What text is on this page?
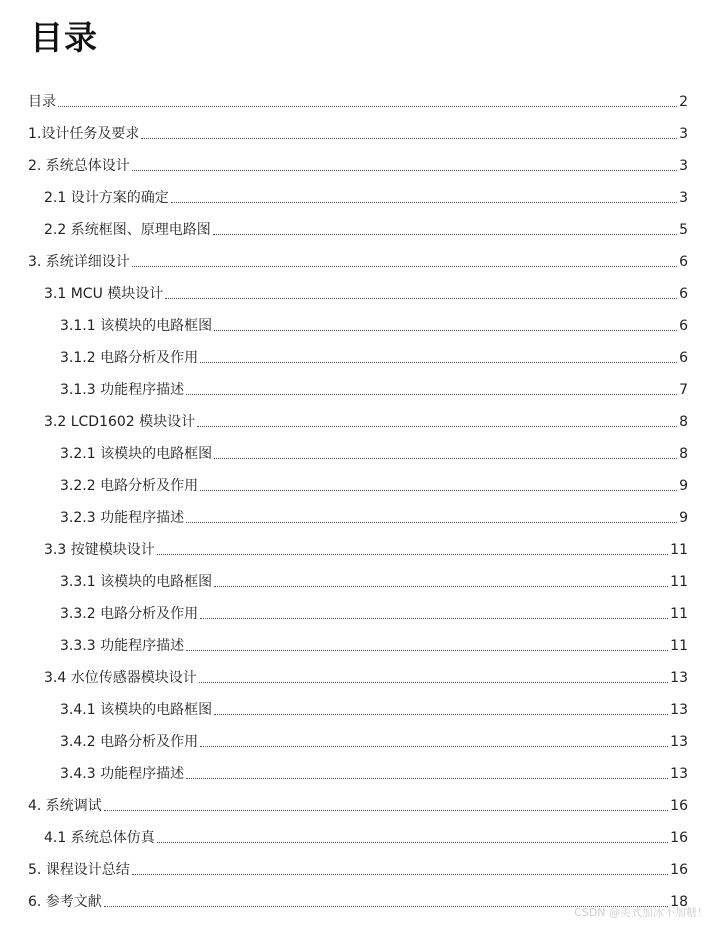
目录
目录	2
1.设计任务及要求	3
2. 系统总体设计	3
2.1 设计方案的确定	3
2.2 系统框图、原理电路图	5
3. 系统详细设计	6
3.1 MCU 模块设计	6
3.1.1 该模块的电路框图	6
3.1.2 电路分析及作用	6
3.1.3 功能程序描述	7
3.2 LCD1602 模块设计	8
3.2.1 该模块的电路框图	8
3.2.2 电路分析及作用	9
3.2.3 功能程序描述	9
3.3 按键模块设计	11
3.3.1 该模块的电路框图	11
3.3.2 电路分析及作用	11
3.3.3 功能程序描述	11
3.4 水位传感器模块设计	13
3.4.1 该模块的电路框图	13
3.4.2 电路分析及作用	13
3.4.3 功能程序描述	13
4. 系统调试	16
4.1 系统总体仿真	16
5. 课程设计总结	16
6. 参考文献	18
CSDN @美式加冰不加糖！
